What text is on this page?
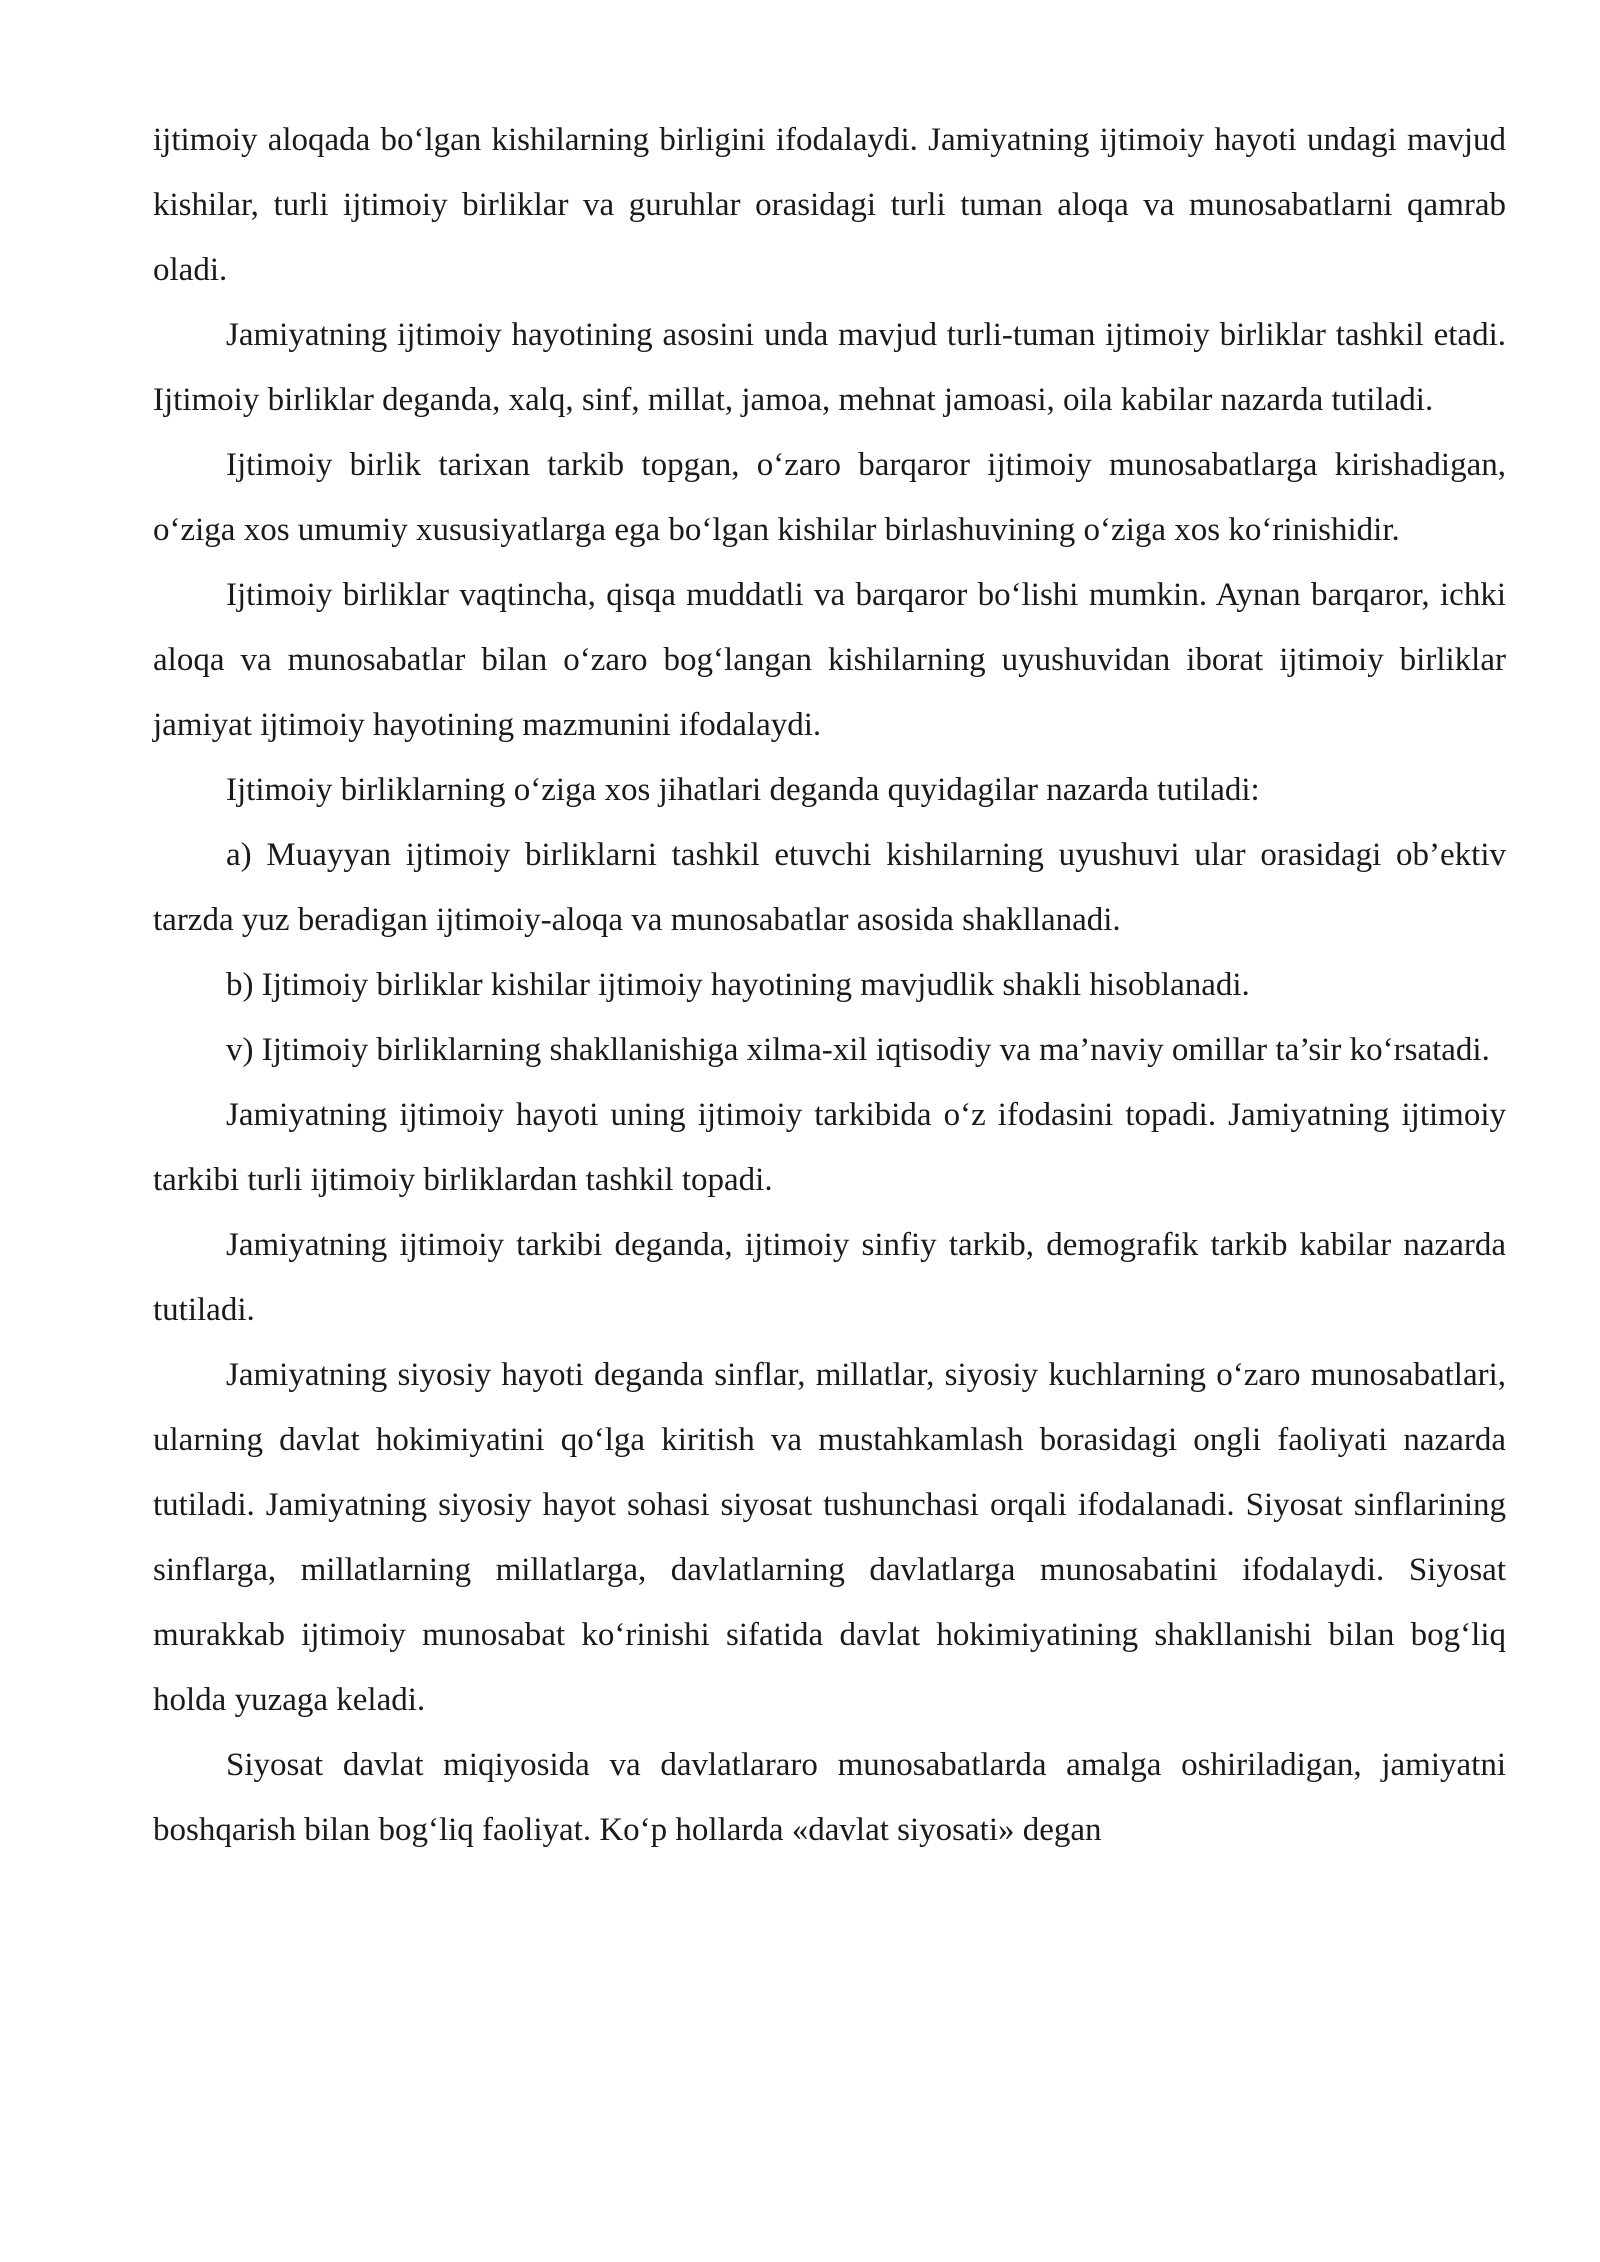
ijtimoiy aloqada bo‘lgan kishilarning birligini ifodalaydi. Jamiyatning ijtimoiy hayoti undagi mavjud kishilar, turli ijtimoiy birliklar va guruhlar orasidagi turli tuman aloqa va munosabatlarni qamrab oladi.

Jamiyatning ijtimoiy hayotining asosini unda mavjud turli-tuman ijtimoiy birliklar tashkil etadi. Ijtimoiy birliklar deganda, xalq, sinf, millat, jamoa, mehnat jamoasi, oila kabilar nazarda tutiladi.

Ijtimoiy birlik tarixan tarkib topgan, o‘zaro barqaror ijtimoiy munosabatlarga kirishadigan, o‘ziga xos umumiy xususiyatlarga ega bo‘lgan kishilar birlashuvining o‘ziga xos ko‘rinishidir.

Ijtimoiy birliklar vaqtincha, qisqa muddatli va barqaror bo‘lishi mumkin. Aynan barqaror, ichki aloqa va munosabatlar bilan o‘zaro bog‘langan kishilarning uyushuvidan iborat ijtimoiy birliklar jamiyat ijtimoiy hayotining mazmunini ifodalaydi.

Ijtimoiy birliklarning o‘ziga xos jihatlari deganda quyidagilar nazarda tutiladi:

a) Muayyan ijtimoiy birliklarni tashkil etuvchi kishilarning uyushuvi ular orasidagi ob’ektiv tarzda yuz beradigan ijtimoiy-aloqa va munosabatlar asosida shakllanadi.

b) Ijtimoiy birliklar kishilar ijtimoiy hayotining mavjudlik shakli hisoblanadi.

v) Ijtimoiy birliklarning shakllanishiga xilma-xil iqtisodiy va ma’naviy omillar ta’sir ko‘rsatadi.

Jamiyatning ijtimoiy hayoti uning ijtimoiy tarkibida o‘z ifodasini topadi. Jamiyatning ijtimoiy tarkibi turli ijtimoiy birliklardan tashkil topadi.

Jamiyatning ijtimoiy tarkibi deganda, ijtimoiy sinfiy tarkib, demografik tarkib kabilar nazarda tutiladi.

Jamiyatning siyosiy hayoti deganda sinflar, millatlar, siyosiy kuchlarning o‘zaro munosabatlari, ularning davlat hokimiyatini qo‘lga kiritish va mustahkamlash borasidagi ongli faoliyati nazarda tutiladi. Jamiyatning siyosiy hayot sohasi siyosat tushunchasi orqali ifodalanadi. Siyosat sinflarining sinflarga, millatlarning millatlarga, davlatlarning davlatlarga munosabatini ifodalaydi. Siyosat murakkab ijtimoiy munosabat ko‘rinishi sifatida davlat hokimiyatining shakllanishi bilan bog‘liq holda yuzaga keladi.

Siyosat davlat miqiyosida va davlatlararo munosabatlarda amalga oshiriladigan, jamiyatni boshqarish bilan bog‘liq faoliyat. Ko‘p hollarda «davlat siyosati» degan
